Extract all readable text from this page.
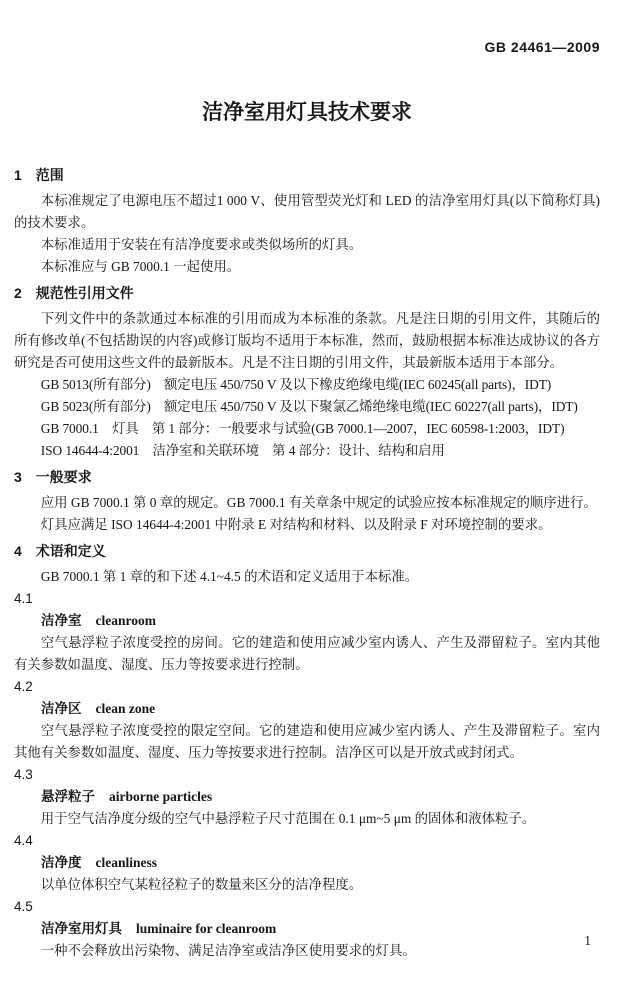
GB 24461—2009
洁净室用灯具技术要求
1 范围

本标准规定了电源电压不超过1 000 V、使用管型荧光灯和 LED 的洁净室用灯具(以下简称灯具)的技术要求。

本标准适用于安装在有洁净度要求或类似场所的灯具。

本标准应与 GB 7000.1 一起使用。

2 规范性引用文件

下列文件中的条款通过本标准的引用而成为本标准的条款。凡是注日期的引用文件，其随后的所有修改单(不包括勘误的内容)或修订版均不适用于本标准，然而，鼓励根据本标准达成协议的各方研究是否可使用这些文件的最新版本。凡是不注日期的引用文件，其最新版本适用于本部分。

GB 5013(所有部分)　额定电压 450/750 V 及以下橡皮绝缘电缆(IEC 60245(all parts)，IDT)

GB 5023(所有部分)　额定电压 450/750 V 及以下聚氯乙烯绝缘电缆(IEC 60227(all parts)，IDT)

GB 7000.1　灯具　第 1 部分：一般要求与试验(GB 7000.1—2007，IEC 60598-1:2003，IDT)

ISO 14644-4:2001　洁净室和关联环境　第 4 部分：设计、结构和启用

3 一般要求

应用 GB 7000.1 第 0 章的规定。GB 7000.1 有关章条中规定的试验应按本标准规定的顺序进行。

灯具应满足 ISO 14644-4:2001 中附录 E 对结构和材料、以及附录 F 对环境控制的要求。

4 术语和定义

GB 7000.1 第 1 章的和下述 4.1~4.5 的术语和定义适用于本标准。

4.1
洁净室 cleanroom

空气悬浮粒子浓度受控的房间。它的建造和使用应减少室内诱人、产生及滞留粒子。室内其他有关参数如温度、湿度、压力等按要求进行控制。

4.2
洁净区 clean zone

空气悬浮粒子浓度受控的限定空间。它的建造和使用应减少室内诱人、产生及滞留粒子。室内其他有关参数如温度、湿度、压力等按要求进行控制。洁净区可以是开放式或封闭式。

4.3
悬浮粒子 airborne particles

用于空气洁净度分级的空气中悬浮粒子尺寸范围在 0.1 μm~5 μm 的固体和液体粒子。

4.4
洁净度 cleanliness

以单位体积空气某粒径粒子的数量来区分的洁净程度。

4.5
洁净室用灯具 luminaire for cleanroom

一种不会释放出污染物、满足洁净室或洁净区使用要求的灯具。

1
